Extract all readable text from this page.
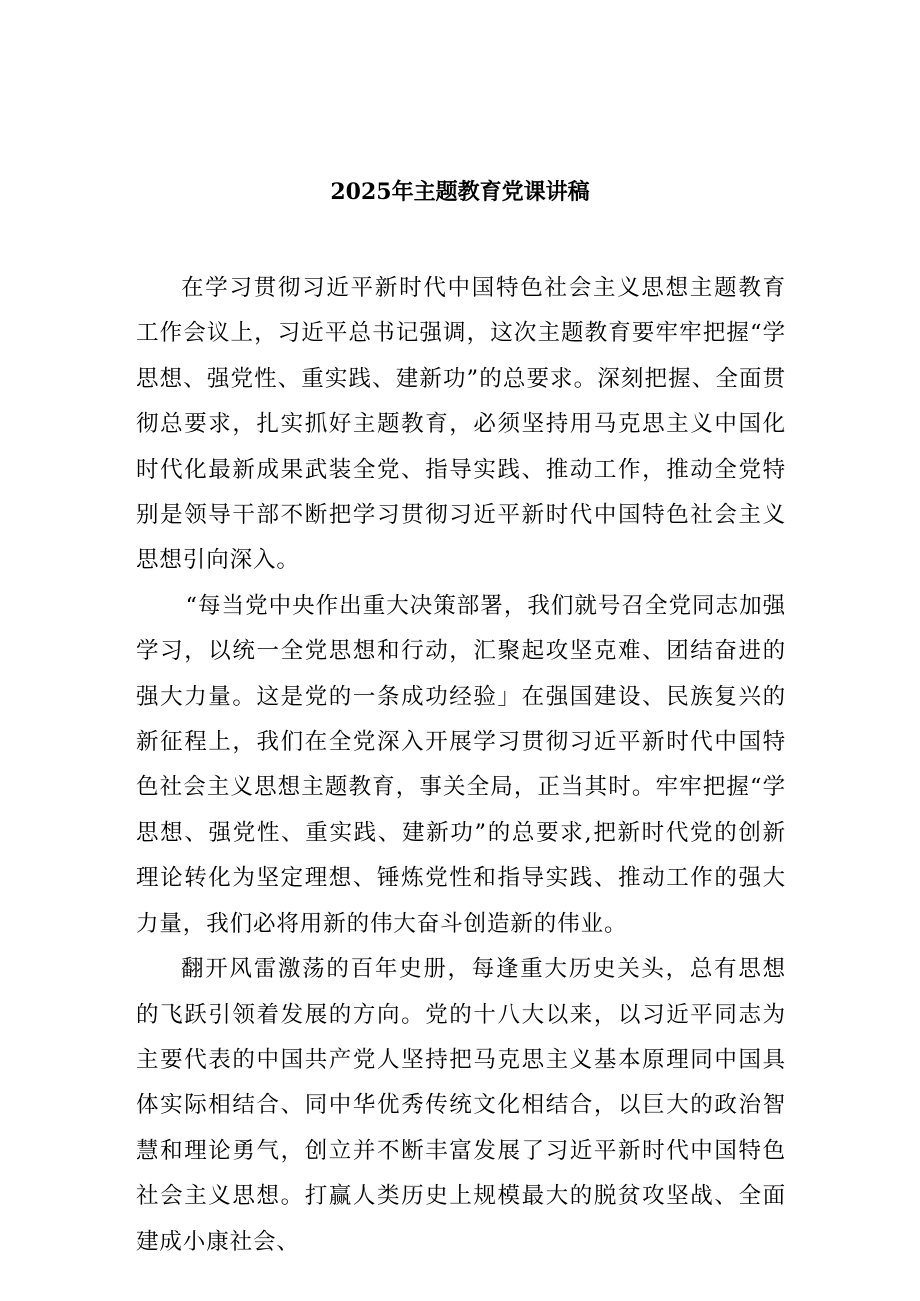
2025年主题教育党课讲稿

在学习贯彻习近平新时代中国特色社会主义思想主题教育工作会议上，习近平总书记强调，这次主题教育要牢牢把握“学思想、强党性、重实践、建新功”的总要求。深刻把握、全面贯彻总要求，扎实抓好主题教育，必须坚持用马克思主义中国化时代化最新成果武装全党、指导实践、推动工作，推动全党特别是领导干部不断把学习贯彻习近平新时代中国特色社会主义思想引向深入。

“每当党中央作出重大决策部署，我们就号召全党同志加强学习，以统一全党思想和行动，汇聚起攻坚克难、团结奋进的强大力量。这是党的一条成功经验」在强国建设、民族复兴的新征程上，我们在全党深入开展学习贯彻习近平新时代中国特色社会主义思想主题教育，事关全局，正当其时。牢牢把握“学思想、强党性、重实践、建新功”的总要求,把新时代党的创新理论转化为坚定理想、锤炼党性和指导实践、推动工作的强大力量，我们必将用新的伟大奋斗创造新的伟业。

翻开风雷激荡的百年史册，每逢重大历史关头，总有思想的飞跃引领着发展的方向。党的十八大以来，以习近平同志为主要代表的中国共产党人坚持把马克思主义基本原理同中国具体实际相结合、同中华优秀传统文化相结合，以巨大的政治智慧和理论勇气，创立并不断丰富发展了习近平新时代中国特色社会主义思想。打赢人类历史上规模最大的脱贫攻坚战、全面建成小康社会、
